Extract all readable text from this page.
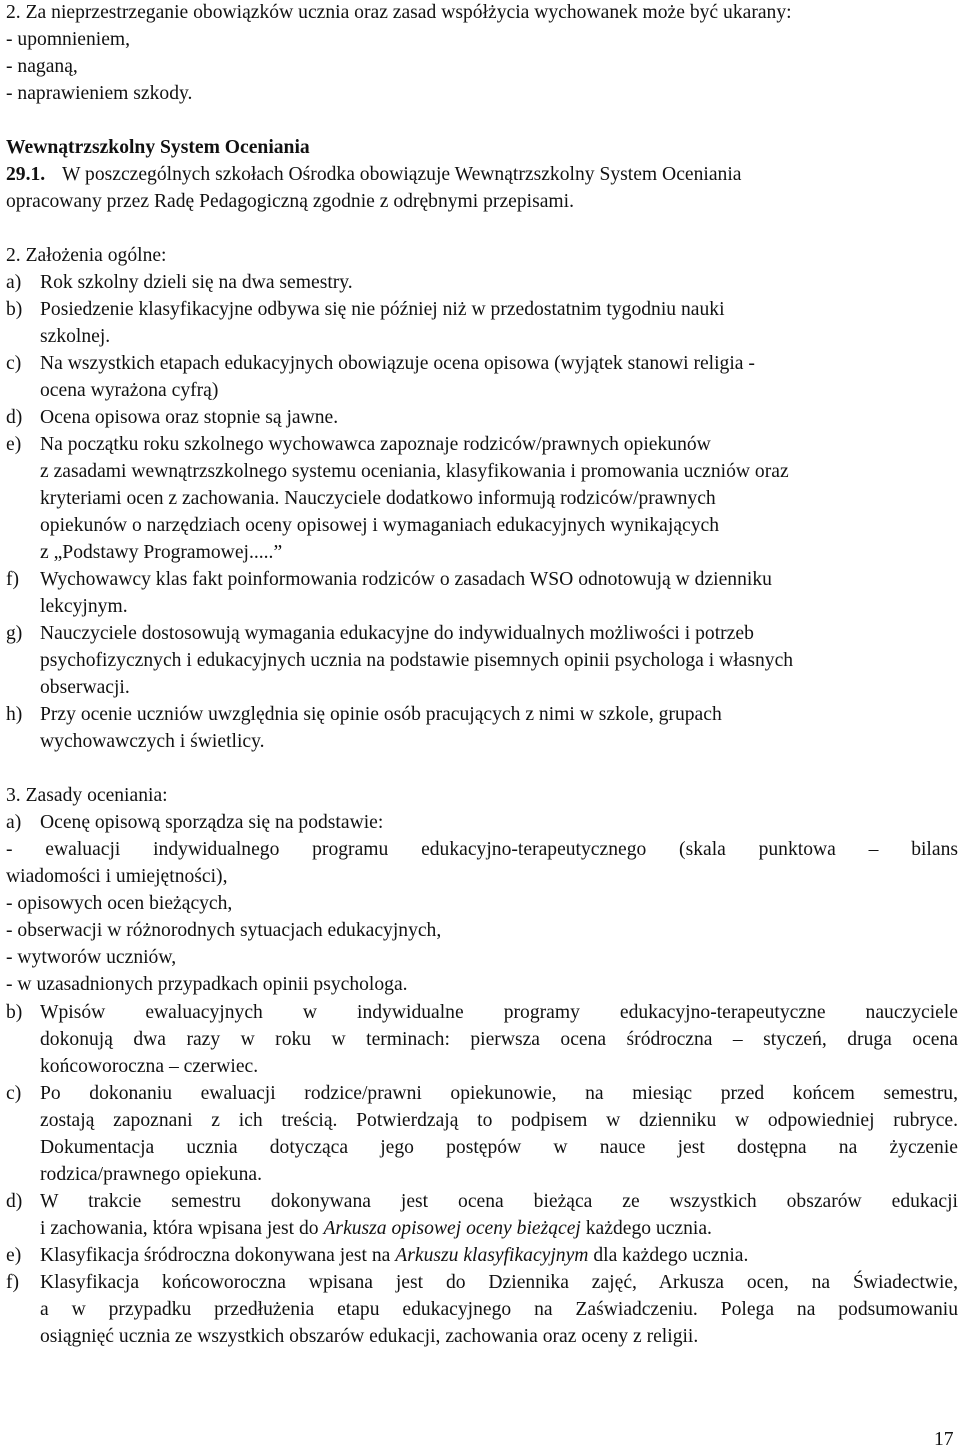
2. Za nieprzestrzeganie obowiązków ucznia oraz zasad współżycia wychowanek może być ukarany:
- upomnieniem,
- naganą,
- naprawieniem szkody.
Wewnątrzszkolny System Oceniania
29.1. W poszczególnych szkołach Ośrodka obowiązuje Wewnątrzszkolny System Oceniania
opracowany przez Radę Pedagogiczną zgodnie z odrębnymi przepisami.
2. Założenia ogólne:
a) Rok szkolny dzieli się na dwa semestry.
b) Posiedzenie klasyfikacyjne odbywa się nie później niż w przedostatnim tygodniu nauki
szkolnej.
c) Na wszystkich etapach edukacyjnych obowiązuje ocena opisowa (wyjątek stanowi religia -
ocena wyrażona cyfrą)
d) Ocena opisowa oraz stopnie są jawne.
e) Na początku roku szkolnego wychowawca zapoznaje rodziców/prawnych opiekunów
z zasadami wewnątrzszkolnego systemu oceniania, klasyfikowania i promowania uczniów oraz
kryteriami ocen z zachowania. Nauczyciele dodatkowo informują rodziców/prawnych
opiekunów o narzędziach oceny opisowej i wymaganiach edukacyjnych wynikających
z „Podstawy Programowej.....”
f) Wychowawcy klas fakt poinformowania rodziców o zasadach WSO odnotowują w dzienniku
lekcyjnym.
g) Nauczyciele dostosowują wymagania edukacyjne do indywidualnych możliwości i potrzeb
psychofizycznych i edukacyjnych ucznia na podstawie pisemnych opinii psychologa i własnych
obserwacji.
h) Przy ocenie uczniów uwzględnia się opinie osób pracujących z nimi w szkole, grupach
wychowawczych i świetlicy.
3. Zasady oceniania:
a) Ocenę opisową sporządza się na podstawie:
- ewaluacji indywidualnego programu edukacyjno-terapeutycznego (skala punktowa – bilans
wiadomości i umiejętności),
- opisowych ocen bieżących,
- obserwacji w różnorodnych sytuacjach edukacyjnych,
- wytworów uczniów,
- w uzasadnionych przypadkach opinii psychologa.
b) Wpisów ewaluacyjnych w indywidualne programy edukacyjno-terapeutyczne nauczyciele
dokonują dwa razy w roku w terminach: pierwsza ocena śródroczna – styczeń, druga ocena
końcoworoczna – czerwiec.
c) Po dokonaniu ewaluacji rodzice/prawni opiekunowie, na miesiąc przed końcem semestru,
zostają zapoznani z ich treścią. Potwierdzają to podpisem w dzienniku w odpowiedniej rubryce.
Dokumentacja ucznia dotycząca jego postępów w nauce jest dostępna na życzenie
rodzica/prawnego opiekuna.
d) W trakcie semestru dokonywana jest ocena bieżąca ze wszystkich obszarów edukacji
i zachowania, która wpisana jest do Arkusza opisowej oceny bieżącej każdego ucznia.
e) Klasyfikacja śródroczna dokonywana jest na Arkuszu klasyfikacyjnym dla każdego ucznia.
f) Klasyfikacja końcoworoczna wpisana jest do Dziennika zajęć, Arkusza ocen, na Świadectwie,
a w przypadku przedłużenia etapu edukacyjnego na Zaświadczeniu. Polega na podsumowaniu
osiągnięć ucznia ze wszystkich obszarów edukacji, zachowania oraz oceny z religii.
17
